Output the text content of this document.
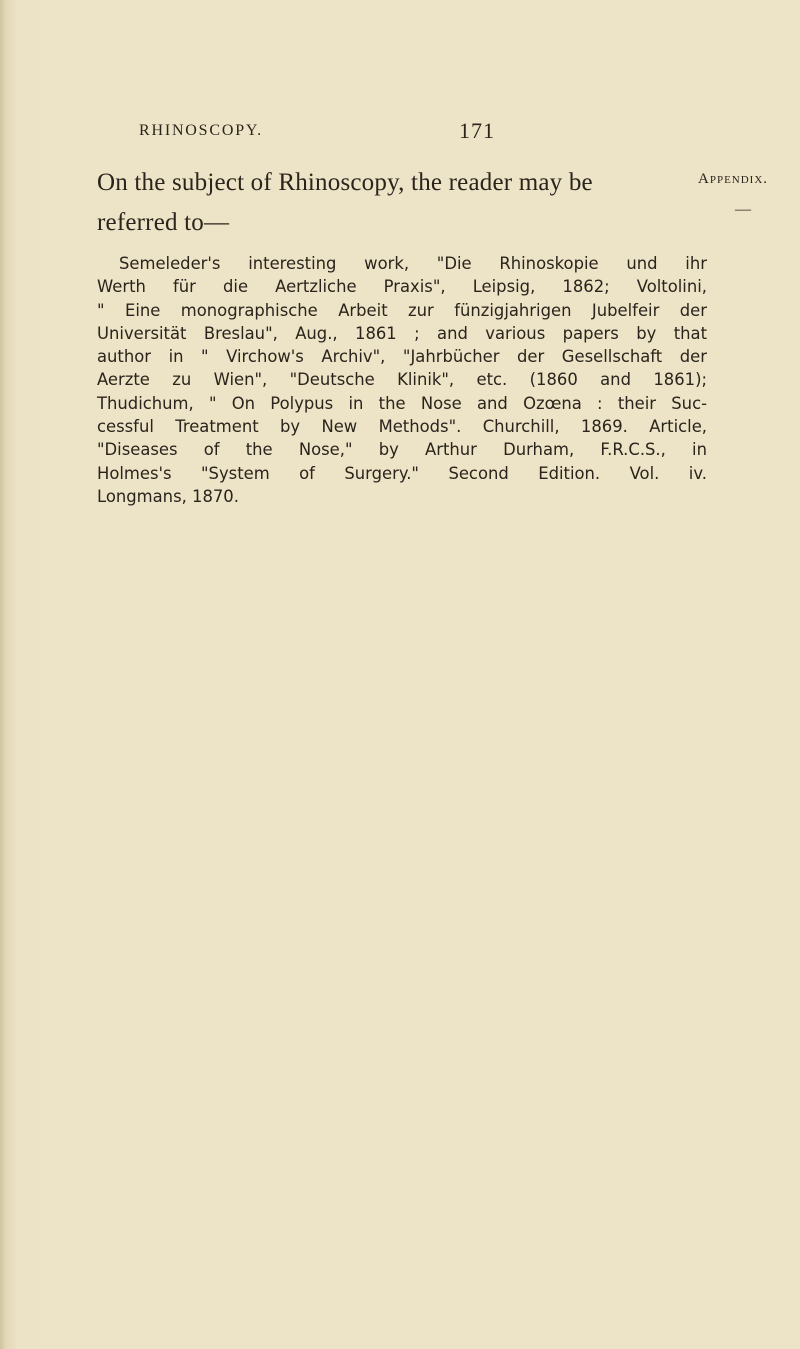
RHINOSCOPY.	171
On the subject of Rhinoscopy, the reader may be
referred to—
Appendix.
—
Semeleder's interesting work, "Die Rhinoskopie und ihr
Werth für die Aertzliche Praxis", Leipsig, 1862; Voltolini,
" Eine monographische Arbeit zur fünzigjahrigen Jubelfeir der
Universität Breslau", Aug., 1861 ; and various papers by that
author in " Virchow's Archiv", "Jahrbücher der Gesellschaft der
Aerzte zu Wien", "Deutsche Klinik", etc. (1860 and 1861);
Thudichum, " On Polypus in the Nose and Ozœna : their Suc-
cessful Treatment by New Methods". Churchill, 1869. Article,
"Diseases of the Nose," by Arthur Durham, F.R.C.S., in
Holmes's "System of Surgery." Second Edition. Vol. iv.
Longmans, 1870.
